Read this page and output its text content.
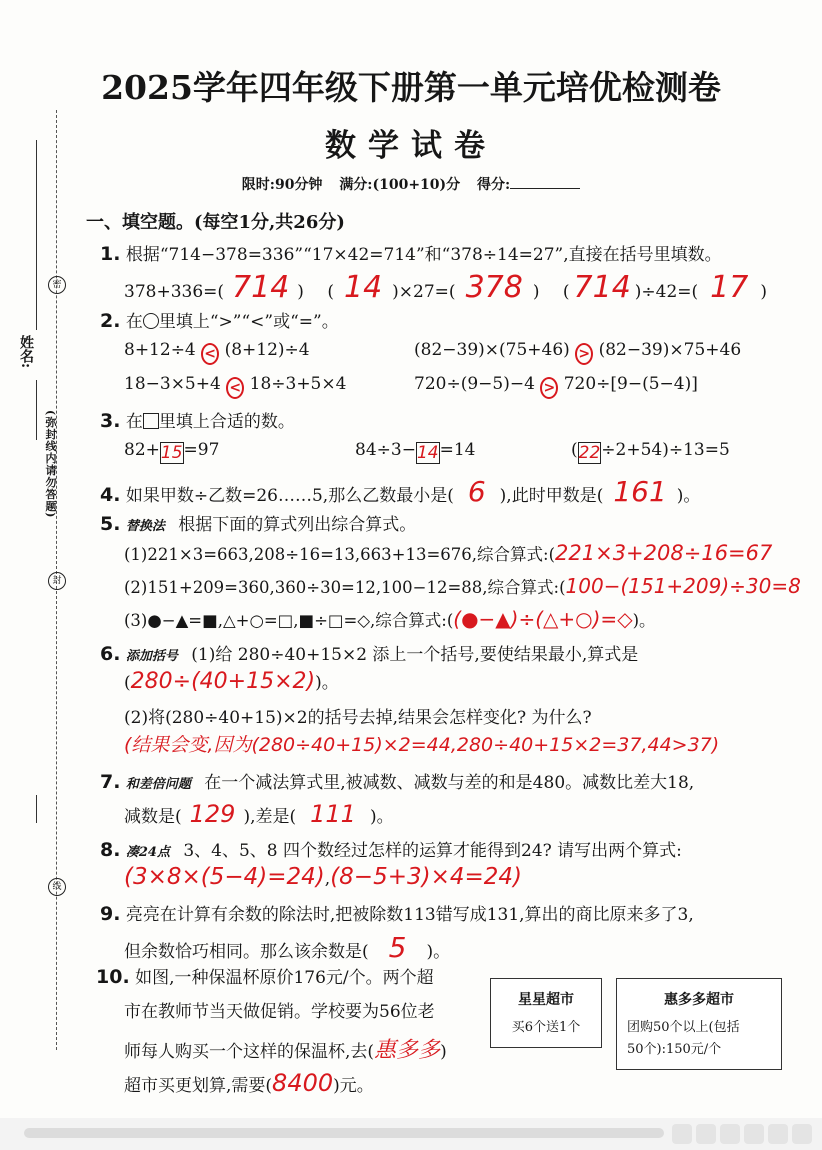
姓名:
密
(弥封线内请勿答题)
封
线
2025学年四年级下册第一单元培优检测卷
数学试卷
限时:90分钟 满分:(100+10)分 得分:
一、填空题。(每空1分,共26分)
1. 根据“714−378=336”“17×42=714”和“378÷14=27”,直接在括号里填数。
378+336=( 714 ) ( 14 )×27=( 378 ) ( 714 )÷42=( 17 )
2. 在 里填上“>”“<”或“=”。
8+12÷4 < (8+12)÷4	(82−39)×(75+46) > (82−39)×75+46
18−3×5+4 < 18÷3+5×4	720÷(9−5)−4 > 720÷[9−(5−4)]
3. 在 里填上合适的数。
82+15=97	84÷3−14=14	(22÷2+54)÷13=5
4. 如果甲数÷乙数=26……5,那么乙数最小是( 6 ),此时甲数是( 161 )。
5. 替换法 根据下面的算式列出综合算式。
(1)221×3=663,208÷16=13,663+13=676,综合算式:(221×3+208÷16=67
(2)151+209=360,360÷30=12,100−12=88,综合算式:(100−(151+209)÷30=8
(3)●−▲=■,△+○=□,■÷□=◇,综合算式:((●−▲)÷(△+○)=◇)。
6. 添加括号 (1)给 280÷40+15×2 添上一个括号,要使结果最小,算式是
(280÷(40+15×2))。
(2)将(280÷40+15)×2的括号去掉,结果会怎样变化? 为什么?
(结果会变,因为(280÷40+15)×2=44,280÷40+15×2=37,44>37)
7. 和差倍问题 在一个减法算式里,被减数、减数与差的和是480。减数比差大18,
减数是( 129 ),差是( 111 )。
8. 凑24点 3、4、5、8 四个数经过怎样的运算才能得到24? 请写出两个算式:
(3×8×(5−4)=24),(8−5+3)×4=24)
9. 亮亮在计算有余数的除法时,把被除数113错写成131,算出的商比原来多了3,
但余数恰巧相同。那么该余数是( 5 )。
10. 如图,一种保温杯原价176元/个。两个超
市在教师节当天做促销。学校要为56位老
师每人购买一个这样的保温杯,去(惠多多)
超市买更划算,需要(8400)元。
星星超市
买6个送1个
惠多多超市
团购50个以上(包括
50个):150元/个
